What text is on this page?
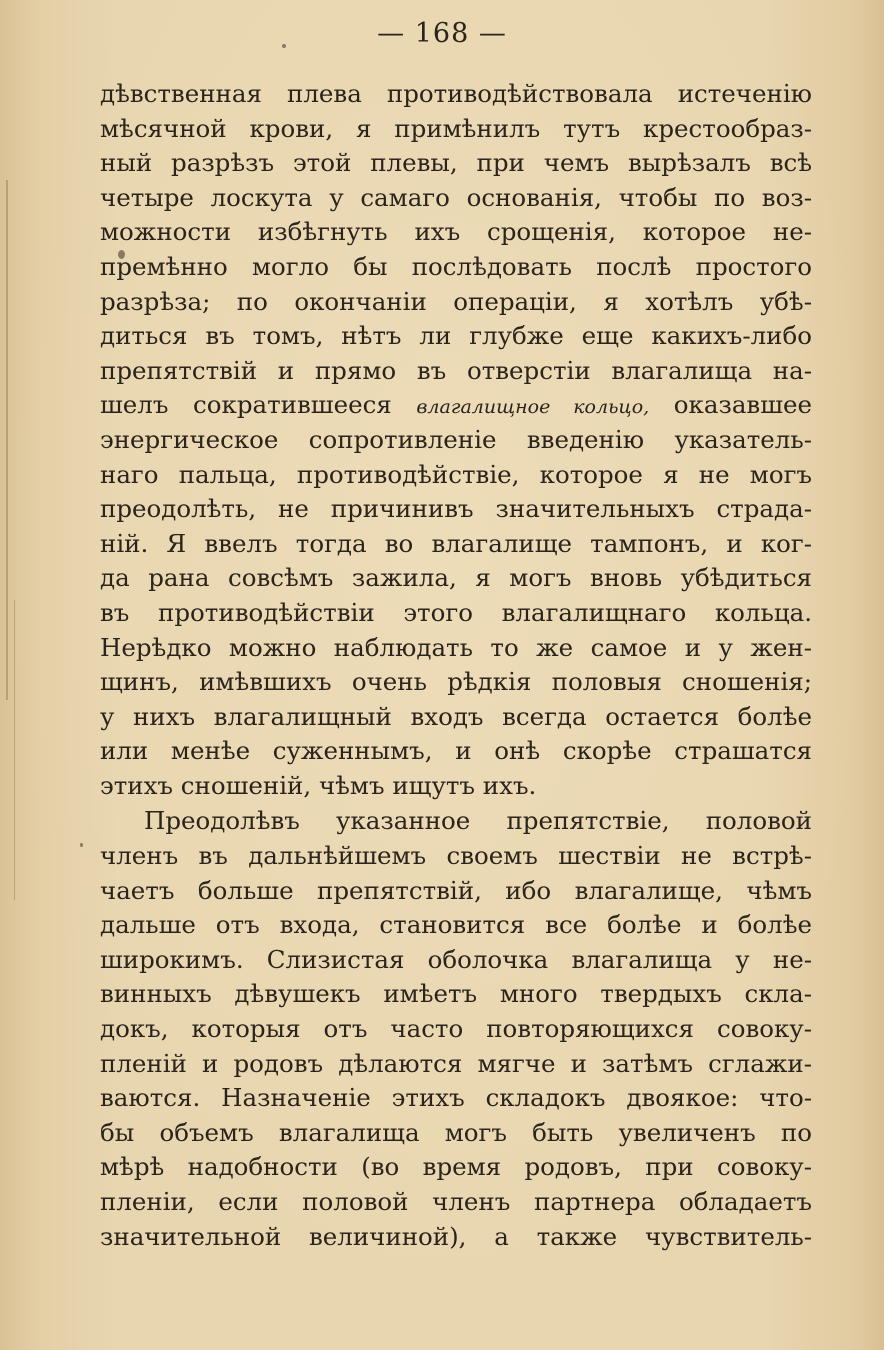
— 168 —
дѣвственная плева противодѣйствовала истеченію
мѣсячной крови, я примѣнилъ тутъ крестообраз-
ный разрѣзъ этой плевы, при чемъ вырѣзалъ всѣ
четыре лоскута у самаго основанія, чтобы по воз-
можности избѣгнуть ихъ срощенія, которое не-
премѣнно могло бы послѣдовать послѣ простого
разрѣза; по окончаніи операціи, я хотѣлъ убѣ-
диться въ томъ, нѣтъ ли глубже еще какихъ-либо
препятствій и прямо въ отверстіи влагалища на-
шелъ сократившееся влагалищное кольцо, оказавшее
энергическое сопротивленіе введенію указатель-
наго пальца, противодѣйствіе, которое я не могъ
преодолѣть, не причинивъ значительныхъ страда-
ній. Я ввелъ тогда во влагалище тампонъ, и ког-
да рана совсѣмъ зажила, я могъ вновь убѣдиться
въ противодѣйствіи этого влагалищнаго кольца.
Нерѣдко можно наблюдать то же самое и у жен-
щинъ, имѣвшихъ очень рѣдкія половыя сношенія;
у нихъ влагалищный входъ всегда остается болѣе
или менѣе суженнымъ, и онѣ скорѣе страшатся
этихъ сношеній, чѣмъ ищутъ ихъ.
Преодолѣвъ указанное препятствіе, половой
членъ въ дальнѣйшемъ своемъ шествіи не встрѣ-
чаетъ больше препятствій, ибо влагалище, чѣмъ
дальше отъ входа, становится все болѣе и болѣе
широкимъ. Слизистая оболочка влагалища у не-
винныхъ дѣвушекъ имѣетъ много твердыхъ скла-
докъ, которыя отъ часто повторяющихся совоку-
пленій и родовъ дѣлаются мягче и затѣмъ сглажи-
ваются. Назначеніе этихъ складокъ двоякое: что-
бы объемъ влагалища могъ быть увеличенъ по
мѣрѣ надобности (во время родовъ, при совоку-
пленіи, если половой членъ партнера обладаетъ
значительной величиной), а также чувствитель-
